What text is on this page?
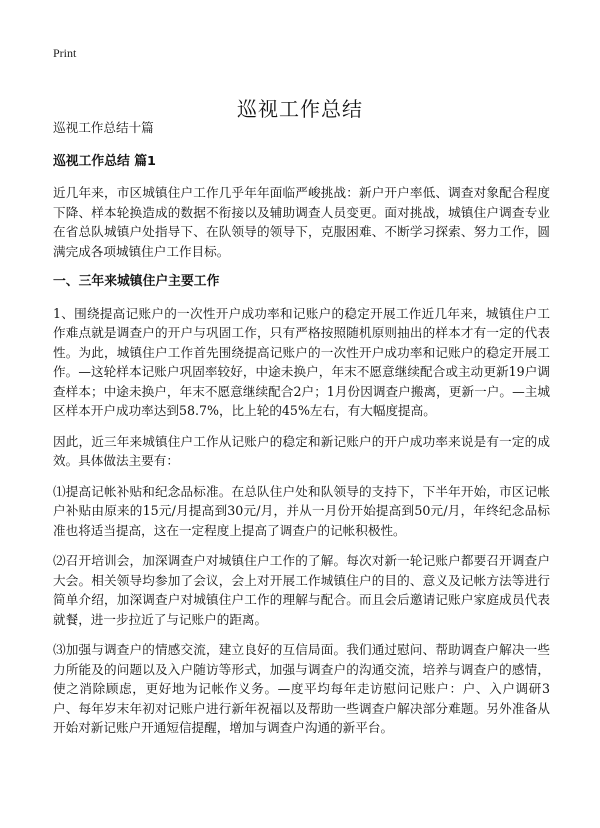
Print
巡视工作总结

巡视工作总结十篇

巡视工作总结 篇1

近几年来，市区城镇住户工作几乎年年面临严峻挑战：新户开户率低、调查对象配合程度下降、样本轮换造成的数据不衔接以及辅助调查人员变更。面对挑战，城镇住户调查专业在省总队城镇户处指导下、在队领导的领导下，克服困难、不断学习探索、努力工作，圆满完成各项城镇住户工作目标。

一、三年来城镇住户主要工作

1、围绕提高记账户的一次性开户成功率和记账户的稳定开展工作近几年来，城镇住户工作难点就是调查户的开户与巩固工作，只有严格按照随机原则抽出的样本才有一定的代表性。为此，城镇住户工作首先围绕提高记账户的一次性开户成功率和记账户的稳定开展工作。—这轮样本记账户巩固率较好，中途未换户，年末不愿意继续配合或主动更新19户调查样本；中途未换户，年末不愿意继续配合2户；1月份因调查户搬离，更新一户。—主城区样本开户成功率达到58.7%，比上轮的45%左右，有大幅度提高。

因此，近三年来城镇住户工作从记账户的稳定和新记账户的开户成功率来说是有一定的成效。具体做法主要有：

⑴提高记帐补贴和纪念品标准。在总队住户处和队领导的支持下，下半年开始，市区记帐户补贴由原来的15元/月提高到30元/月，并从一月份开始提高到50元/月，年终纪念品标准也将适当提高，这在一定程度上提高了调查户的记帐积极性。

⑵召开培训会，加深调查户对城镇住户工作的了解。每次对新一轮记账户都要召开调查户大会。相关领导均参加了会议，会上对开展工作城镇住户的目的、意义及记帐方法等进行简单介绍，加深调查户对城镇住户工作的理解与配合。而且会后邀请记账户家庭成员代表就餐，进一步拉近了与记账户的距离。

⑶加强与调查户的情感交流，建立良好的互信局面。我们通过慰问、帮助调查户解决一些力所能及的问题以及入户随访等形式，加强与调查户的沟通交流，培养与调查户的感情，使之消除顾虑，更好地为记帐作义务。—度平均每年走访慰问记账户：户、入户调研3户、每年岁末年初对记账户进行新年祝福以及帮助一些调查户解决部分难题。另外准备从开始对新记账户开通短信提醒，增加与调查户沟通的新平台。
